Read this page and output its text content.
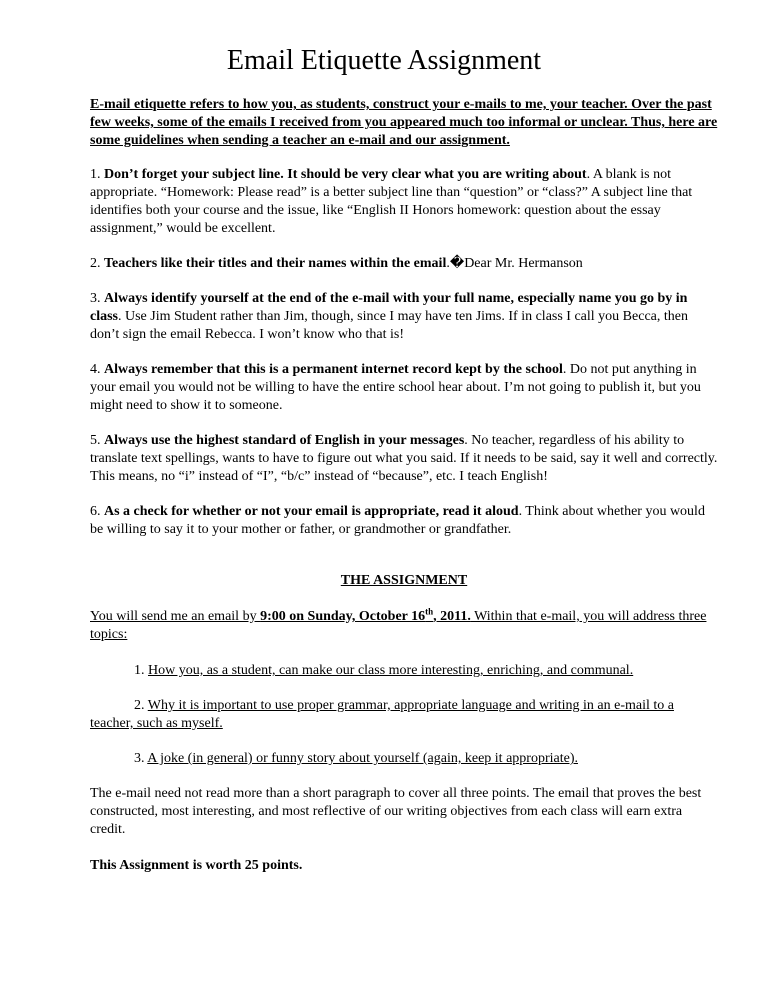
Email Etiquette Assignment

E-mail etiquette refers to how you, as students, construct your e-mails to me, your teacher. Over the past few weeks, some of the emails I received from you appeared much too informal or unclear. Thus, here are some guidelines when sending a teacher an e-mail and our assignment.

1. Don’t forget your subject line. It should be very clear what you are writing about. A blank is not appropriate. “Homework: Please read” is a better subject line than “question” or “class?” A subject line that identifies both your course and the issue, like “English II Honors homework: question about the essay assignment,” would be excellent.

2. Teachers like their titles and their names within the email.�Dear Mr. Hermanson

3. Always identify yourself at the end of the e-mail with your full name, especially name you go by in class. Use Jim Student rather than Jim, though, since I may have ten Jims. If in class I call you Becca, then don’t sign the email Rebecca. I won’t know who that is!

4. Always remember that this is a permanent internet record kept by the school. Do not put anything in your email you would not be willing to have the entire school hear about. I’m not going to publish it, but you might need to show it to someone.

5. Always use the highest standard of English in your messages. No teacher, regardless of his ability to translate text spellings, wants to have to figure out what you said. If it needs to be said, say it well and correctly. This means, no “i” instead of “I”, “b/c” instead of “because”, etc. I teach English!

6. As a check for whether or not your email is appropriate, read it aloud. Think about whether you would be willing to say it to your mother or father, or grandmother or grandfather.

THE ASSIGNMENT

You will send me an email by 9:00 on Sunday, October 16th, 2011. Within that e-mail, you will address three topics:

1. How you, as a student, can make our class more interesting, enriching, and communal.

2. Why it is important to use proper grammar, appropriate language and writing in an e-mail to a teacher, such as myself.

3. A joke (in general) or funny story about yourself (again, keep it appropriate).

The e-mail need not read more than a short paragraph to cover all three points. The email that proves the best constructed, most interesting, and most reflective of our writing objectives from each class will earn extra credit.

This Assignment is worth 25 points.
